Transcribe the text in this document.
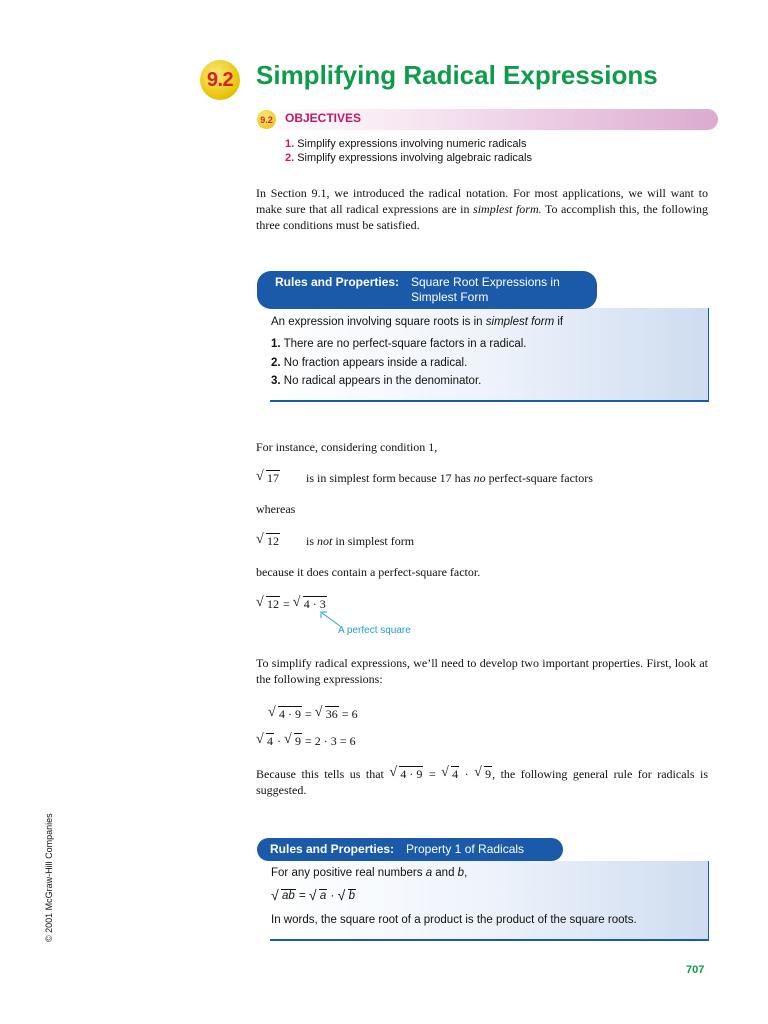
9.2 Simplifying Radical Expressions
9.2 OBJECTIVES
1. Simplify expressions involving numeric radicals
2. Simplify expressions involving algebraic radicals
In Section 9.1, we introduced the radical notation. For most applications, we will want to make sure that all radical expressions are in simplest form. To accomplish this, the following three conditions must be satisfied.
Rules and Properties: Square Root Expressions in
Simplest Form
An expression involving square roots is in simplest form if
1. There are no perfect-square factors in a radical.
2. No fraction appears inside a radical.
3. No radical appears in the denominator.
For instance, considering condition 1,
√ 17 is in simplest form because 17 has no perfect-square factors
whereas
√ 12 is not in simplest form
because it does contain a perfect-square factor.
√ 12 = √ 4 · 3
A perfect square
To simplify radical expressions, we’ll need to develop two important properties. First, look at the following expressions:
√ 4 · 9 = √ 36 = 6
√ 4 · √ 9 = 2 · 3 = 6
Because this tells us that √ 4 · 9 = √ 4 · √ 9, the following general rule for radicals is suggested.
Rules and Properties: Property 1 of Radicals
For any positive real numbers a and b,
√ ab = √ a · √ b
In words, the square root of a product is the product of the square roots.
© 2001 McGraw-Hill Companies
707
